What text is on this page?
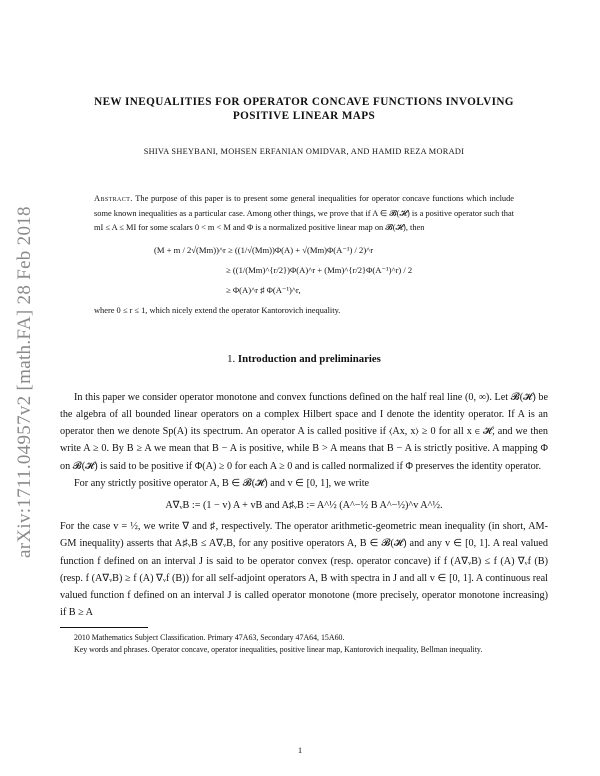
arXiv:1711.04957v2 [math.FA] 28 Feb 2018
NEW INEQUALITIES FOR OPERATOR CONCAVE FUNCTIONS INVOLVING
POSITIVE LINEAR MAPS
SHIVA SHEYBANI, MOHSEN ERFANIAN OMIDVAR, AND HAMID REZA MORADI
Abstract. The purpose of this paper is to present some general inequalities for operator concave functions which include some known inequalities as a particular case. Among other things, we prove that if A ∈ 𝓑(𝓗) is a positive operator such that mI ≤ A ≤ MI for some scalars 0 < m < M and Φ is a normalized positive linear map on 𝓑(𝓗), then
(M + m / 2√(Mm))^r ≥ ((1/√(Mm))Φ(A) + √(Mm)Φ(A⁻¹) / 2)^r
≥ ((1/(Mm)^{r/2})Φ(A)^r + (Mm)^{r/2}Φ(A⁻¹)^r) / 2
≥ Φ(A)^r ♯ Φ(A⁻¹)^r,
where 0 ≤ r ≤ 1, which nicely extend the operator Kantorovich inequality.
1. Introduction and preliminaries

In this paper we consider operator monotone and convex functions defined on the half real line (0, ∞). Let 𝓑(𝓗) be the algebra of all bounded linear operators on a complex Hilbert space and I denote the identity operator. If A is an operator then we denote Sp(A) its spectrum. An operator A is called positive if ⟨Ax, x⟩ ≥ 0 for all x ∈ 𝓗, and we then write A ≥ 0. By B ≥ A we mean that B − A is positive, while B > A means that B − A is strictly positive. A mapping Φ on 𝓑(𝓗) is said to be positive if Φ(A) ≥ 0 for each A ≥ 0 and is called normalized if Φ preserves the identity operator.

For any strictly positive operator A, B ∈ 𝓑(𝓗) and v ∈ [0, 1], we write

A∇ᵥB := (1 − v) A + vB and A♯ᵥB := A^½ (A^−½ B A^−½)^v A^½.

For the case v = ½, we write ∇ and ♯, respectively. The operator arithmetic-geometric mean inequality (in short, AM-GM inequality) asserts that A♯ᵥB ≤ A∇ᵥB, for any positive operators A, B ∈ 𝓑(𝓗) and any v ∈ [0, 1]. A real valued function f defined on an interval J is said to be operator convex (resp. operator concave) if f (A∇ᵥB) ≤ f (A) ∇ᵥf (B) (resp. f (A∇ᵥB) ≥ f (A) ∇ᵥf (B)) for all self-adjoint operators A, B with spectra in J and all v ∈ [0, 1]. A continuous real valued function f defined on an interval J is called operator monotone (more precisely, operator monotone increasing) if B ≥ A

2010 Mathematics Subject Classification. Primary 47A63, Secondary 47A64, 15A60.
Key words and phrases. Operator concave, operator inequalities, positive linear map, Kantorovich inequality, Bellman inequality.
1
